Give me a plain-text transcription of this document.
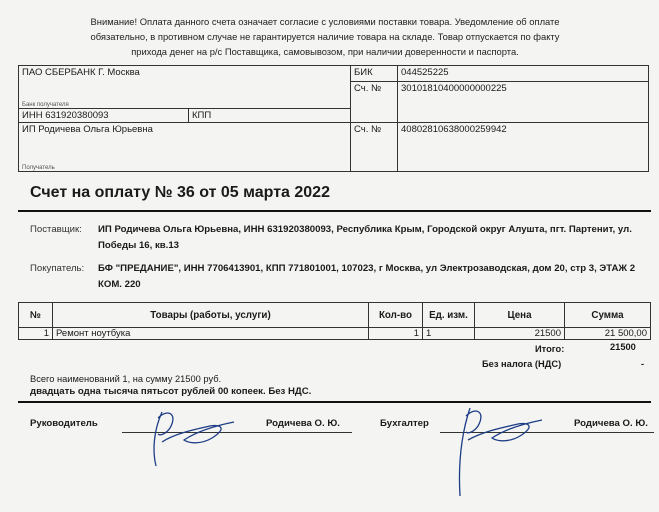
Внимание! Оплата данного счета означает согласие с условиями поставки товара. Уведомление об оплате
обязательно, в противном случае не гарантируется наличие товара на складе. Товар отпускается по факту
прихода денег на р/с Поставщика, самовывозом, при наличии доверенности и паспорта.
ПАО СБЕРБАНК Г. Москва
Банк получателя		БИК	044525225
		Сч. №	30101810400000000225
ИНН 631920380093	КПП		
ИП Родичева Ольга Юрьевна
Получатель		Сч. №	40802810638000259942
Счет на оплату № 36 от 05 марта 2022
Поставщик: ИП Родичева Ольга Юрьевна, ИНН 631920380093, Республика Крым, Городской округ Алушта, пгт. Партенит, ул. Победы 16, кв.13
Покупатель: БФ "ПРЕДАНИЕ", ИНН 7706413901, КПП 771801001, 107023, г Москва, ул Электрозаводская, дом 20, стр 3, ЭТАЖ 2 КОМ. 220
№	Товары (работы, услуги)	Кол-во	Ед. изм.	Цена	Сумма
1	Ремонт ноутбука	1	1	21500	21 500,00
Итого:	21500
Без налога (НДС)	-
Всего наименований 1, на сумму 21500 руб.
двадцать одна тысяча пятьсот рублей 00 копеек. Без НДС.
Руководитель	Родичева О. Ю.	Бухгалтер	Родичева О. Ю.
